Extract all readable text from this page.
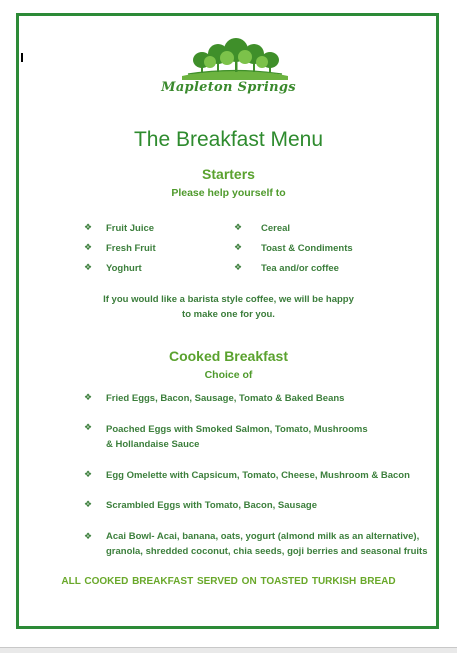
Mapleton Springs
The Breakfast Menu
Starters
Please help yourself to
❖ Fruit Juice
❖ Fresh Fruit
❖ Yoghurt
❖ Cereal
❖ Toast & Condiments
❖ Tea and/or coffee
If you would like a barista style coffee, we will be happy
to make one for you.
Cooked Breakfast
Choice of
❖ Fried Eggs, Bacon, Sausage, Tomato & Baked Beans
❖ Poached Eggs with Smoked Salmon, Tomato, Mushrooms
& Hollandaise Sauce
❖ Egg Omelette with Capsicum, Tomato, Cheese, Mushroom & Bacon
❖ Scrambled Eggs with Tomato, Bacon, Sausage
❖ Acai Bowl- Acai, banana, oats, yogurt (almond milk as an alternative),
granola, shredded coconut, chia seeds, goji berries and seasonal fruits
ALL COOKED BREAKFAST SERVED ON TOASTED TURKISH BREAD
